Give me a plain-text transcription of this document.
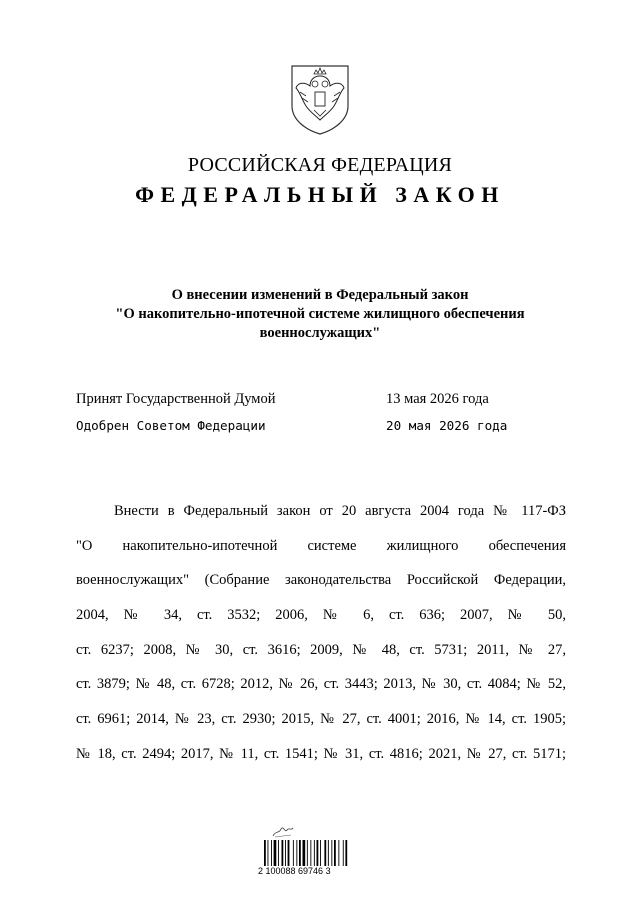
РОССИЙСКАЯ ФЕДЕРАЦИЯ
ФЕДЕРАЛЬНЫЙ ЗАКОН
О внесении изменений в Федеральный закон
"О накопительно-ипотечной системе жилищного обеспечения
военнослужащих"
Принят Государственной Думой	13 мая 2026 года
Одобрен Советом Федерации	20 мая 2026 года
Внести в Федеральный закон от 20 августа 2004 года № 117-ФЗ
"О накопительно-ипотечной системе жилищного обеспечения
военнослужащих" (Собрание законодательства Российской Федерации,
2004, № 34, ст. 3532; 2006, № 6, ст. 636; 2007, № 50,
ст. 6237; 2008, № 30, ст. 3616; 2009, № 48, ст. 5731; 2011, № 27,
ст. 3879; № 48, ст. 6728; 2012, № 26, ст. 3443; 2013, № 30, ст. 4084; № 52,
ст. 6961; 2014, № 23, ст. 2930; 2015, № 27, ст. 4001; 2016, № 14, ст. 1905;
№ 18, ст. 2494; 2017, № 11, ст. 1541; № 31, ст. 4816; 2021, № 27, ст. 5171;
2 100088 69746 3
